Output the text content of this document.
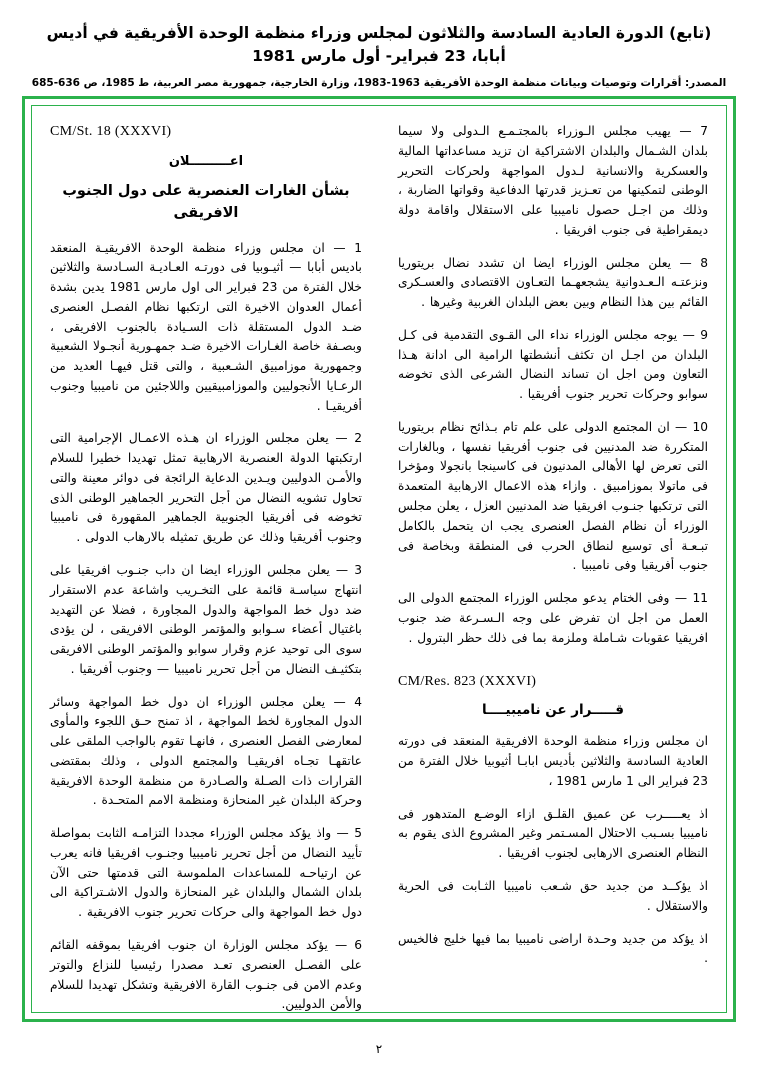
(تابع) الدورة العادية السادسة والثلاثون لمجلس وزراء منظمة الوحدة الأفريقية في أديس أبابا، 23 فبراير- أول مارس 1981
المصدر: أقرارات وتوصيات وبيانات منظمة الوحدة الأفريقية 1963-1983، وزارة الخارجية، جمهورية مصر العربية، ط 1985، ص 636-685

7 — يهيب مجلس الـوزراء بالمجتـمـع الـدولى ولا سيما بلدان الشـمال والبلدان الاشتراكية ان تزيد مساعداتها المالية والعسكرية والانسانية لـدول المواجهة ولحركات التحرير الوطنى لتمكينها من تعـزيز قدرتها الدفاعية وقواتها الضاربة ، وذلك من اجـل حصول ناميبيا على الاستقلال واقامة دولة ديمقراطية فى جنوب افريقيا .

8 — يعلن مجلس الوزراء ايضا ان تشدد نضال بريتوريا ونزعتـه الـعـدوانية يشجعهـما التعـاون الاقتصادى والعسـكرى القائم بين هذا النظام وبين بعض البلدان الغربية وغيرها .

9 — يوجه مجلس الوزراء نداء الى القـوى التقدمية فى كـل البلدان من اجـل ان تكثف أنشطتها الرامية الى ادانة هـذا التعاون ومن اجل ان تساند النضال الشرعى الذى تخوضه سوابو وحركات تحرير جنوب أفريقيا .

10 — ان المجتمع الدولى على علم تام بـذائح نظام بريتوريا المتكررة ضد المدنيين فى جنوب أفريقيا نفسها ، وبالغارات التى تعرض لها الأهالى المدنيون فى كاسينجا بانجولا ومؤخرا فى ماتولا بموزامبيق . وازاء هذه الاعمال الارهابية المتعمدة التى ترتكبها جنـوب افريقيا ضد المدنيين العزل ، يعلن مجلس الوزراء أن نظام الفصل العنصرى يجب ان يتحمل بالكامل تبـعـة أى توسيع لنطاق الحرب فى المنطقة وبخاصة فى جنوب أفريقيا وفى ناميبيا .

11 — وفى الختام يدعو مجلس الوزراء المجتمع الدولى الى العمل من اجل ان تفرض على وجه الـسـرعة ضد جنوب افريقيا عقوبات شـاملة وملزمة بما فى ذلك حظر البترول .

CM/Res. 823 (XXXVI)
قـــــرار عن ناميبيــــا

ان مجلس وزراء منظمة الوحدة الافريقية المنعقد فى دورته العادية السادسة والثلاثين بأديس ابابـا أثيوبيا خلال الفترة من 23 فبراير الى 1 مارس 1981 ،

اذ يعـــــرب عن عميق القلـق ازاء الوضـع المتدهور فى ناميبيا بسـبب الاحتلال المسـتمر وغير المشروع الذى يقوم به النظام العنصرى الارهابى لجنوب افريقيا .

اذ يؤكــد من جديد حق شـعب ناميبيا الثـابت فى الحرية والاستقلال .

اذ يؤكد من جديد وحـدة اراضى ناميبيا بما فيها خليج فالخيس .

CM/St. 18 (XXXVI)
اعـــــــــلان
بشأن الغارات العنصرية على دول الجنوب الافريقى

1 — ان مجلس وزراء منظمة الوحدة الافريقيـة المنعقد باديس أبابا — أثيـوبيا فى دورتـه العـاديـة السـادسة والثلاثين خلال الفترة من 23 فبراير الى اول مارس 1981 يدين بشدة أعمال العدوان الاخيرة التى ارتكبها نظام الفصـل العنصرى ضـد الدول المستقلة ذات السـيادة بالجنوب الافريقى ، وبصـفة خاصة الغـارات الاخيرة ضـد جمهـورية أنجـولا الشعبية وجمهورية موزامبيق الشـعبية ، والتى قتل فيهـا العديد من الرعـايا الأنجوليين والموزامبيقيين واللاجئين من ناميبيا وجنوب أفريقيـا .

2 — يعلن مجلس الوزراء ان هـذه الاعمـال الإجرامية التى ارتكبتها الدولة العنصرية الارهابية تمثل تهديدا خطيرا للسلام والأمـن الدوليين ويـدين الدعاية الرائجة فى دوائر معينة والتى تحاول تشويه النضال من أجل التحرير الجماهير الوطنى الذى تخوضه فى أفريقيا الجنوبية الجماهير المقهورة فى ناميبيا وجنوب أفريقيا وذلك عن طريق تمثيله بالارهاب الدولى .

3 — يعلن مجلس الوزراء ايضا ان داب جنـوب افريقيا على انتهاج سياسـة قائمة على التخـريب واشاعة عدم الاستقرار ضد دول خط المواجهة والدول المجاورة ، فضلا عن التهديد باغتيال أعضاء سـوابو والمؤتمر الوطنى الافريقى ، لن يؤدى سوى الى توحيد عزم وقرار سوابو والمؤتمر الوطنى الافريقى بتكثيـف النضال من أجل تحرير ناميبيا — وجنوب أفريقيا .

4 — يعلن مجلس الوزراء ان دول خط المواجهة وسائر الدول المجاورة لخط المواجهة ، اذ تمنح حـق اللجوء والمأوى لمعارضى الفصل العنصرى ، فانهـا تقوم بالواجب الملقى على عاتقهـا تجـاه افريقيـا والمجتمع الدولى ، وذلك بمقتضى القرارات ذات الصـلة والصـادرة من منظمة الوحدة الافريقية وحركة البلدان غير المنحازة ومنظمة الامم المتحـدة .

5 — واذ يؤكد مجلس الوزراء مجددا التزامـه الثابت بمواصلة تأييد النضال من أجل تحرير ناميبيا وجنـوب افريقيا فانه يعرب عن ارتياحـه للمساعدات الملموسة التى قدمتها حتى الآن بلدان الشمال والبلدان غير المنحازة والدول الاشـتراكية الى دول خط المواجهة والى حركات تحرير جنوب الافريقية .

6 — يؤكد مجلس الوزارة ان جنوب افريقيا بموقفه القائم على الفصـل العنصرى تعـد مصدرا رئيسيا للنزاع والتوتر وعدم الامن فى جنـوب القارة الافريقية وتشكل تهديدا للسلام والأمن الدوليين.

٢
